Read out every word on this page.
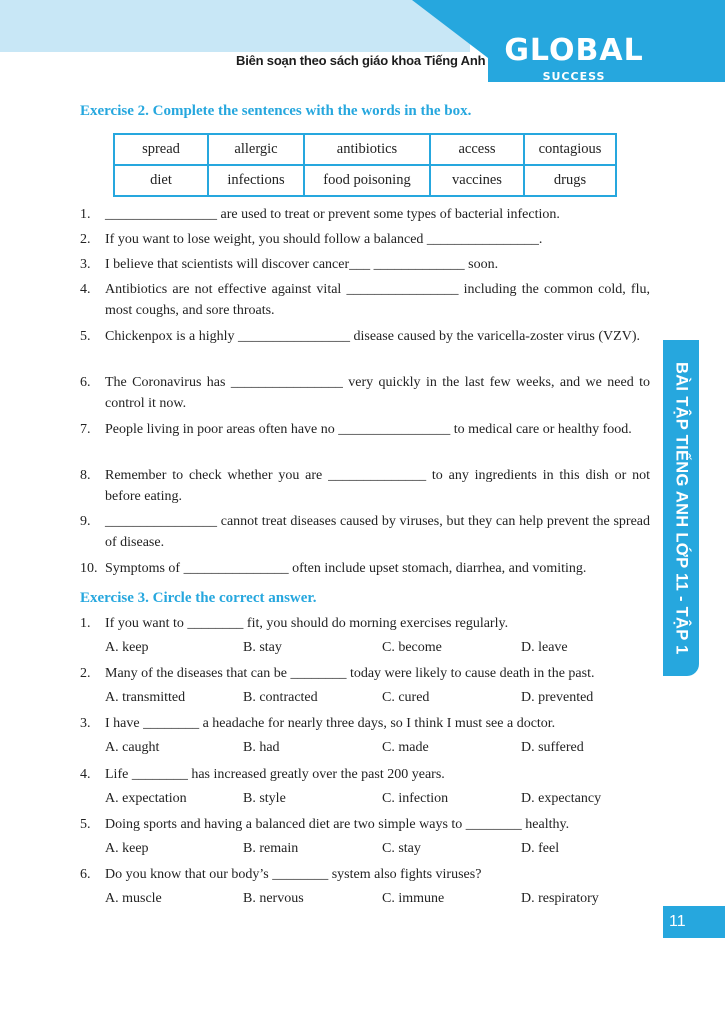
Biên soạn theo sách giáo khoa Tiếng Anh GLOBAL
SUCCESS
Exercise 2. Complete the sentences with the words in the box.
spread	allergic	antibiotics	access	contagious
diet	infections	food poisoning	vaccines	drugs
1. ________________ are used to treat or prevent some types of bacterial infection.
2. If you want to lose weight, you should follow a balanced ________________.
3. I believe that scientists will discover cancer___ _____________ soon.
4. Antibiotics are not effective against vital ________________ including the common cold, flu, most coughs, and sore throats.
5. Chickenpox is a highly ________________ disease caused by the varicella-zoster virus (VZV).
6. The Coronavirus has ________________ very quickly in the last few weeks, and we need to control it now.
7. People living in poor areas often have no ________________ to medical care or healthy food.
8. Remember to check whether you are ______________ to any ingredients in this dish or not before eating.
9. ________________ cannot treat diseases caused by viruses, but they can help prevent the spread of disease.
10. Symptoms of _______________ often include upset stomach, diarrhea, and vomiting.
Exercise 3. Circle the correct answer.
1. If you want to ________ fit, you should do morning exercises regularly.
A. keep	B. stay	C. become	D. leave
2. Many of the diseases that can be ________ today were likely to cause death in the past.
A. transmitted	B. contracted	C. cured	D. prevented
3. I have ________ a headache for nearly three days, so I think I must see a doctor.
A. caught	B. had	C. made	D. suffered
4. Life ________ has increased greatly over the past 200 years.
A. expectation	B. style	C. infection	D. expectancy
5. Doing sports and having a balanced diet are two simple ways to ________ healthy.
A. keep	B. remain	C. stay	D. feel
6. Do you know that our body’s ________ system also fights viruses?
A. muscle	B. nervous	C. immune	D. respiratory
BÀI TẬP TIẾNG ANH LỚP 11 - TẬP 1
11
